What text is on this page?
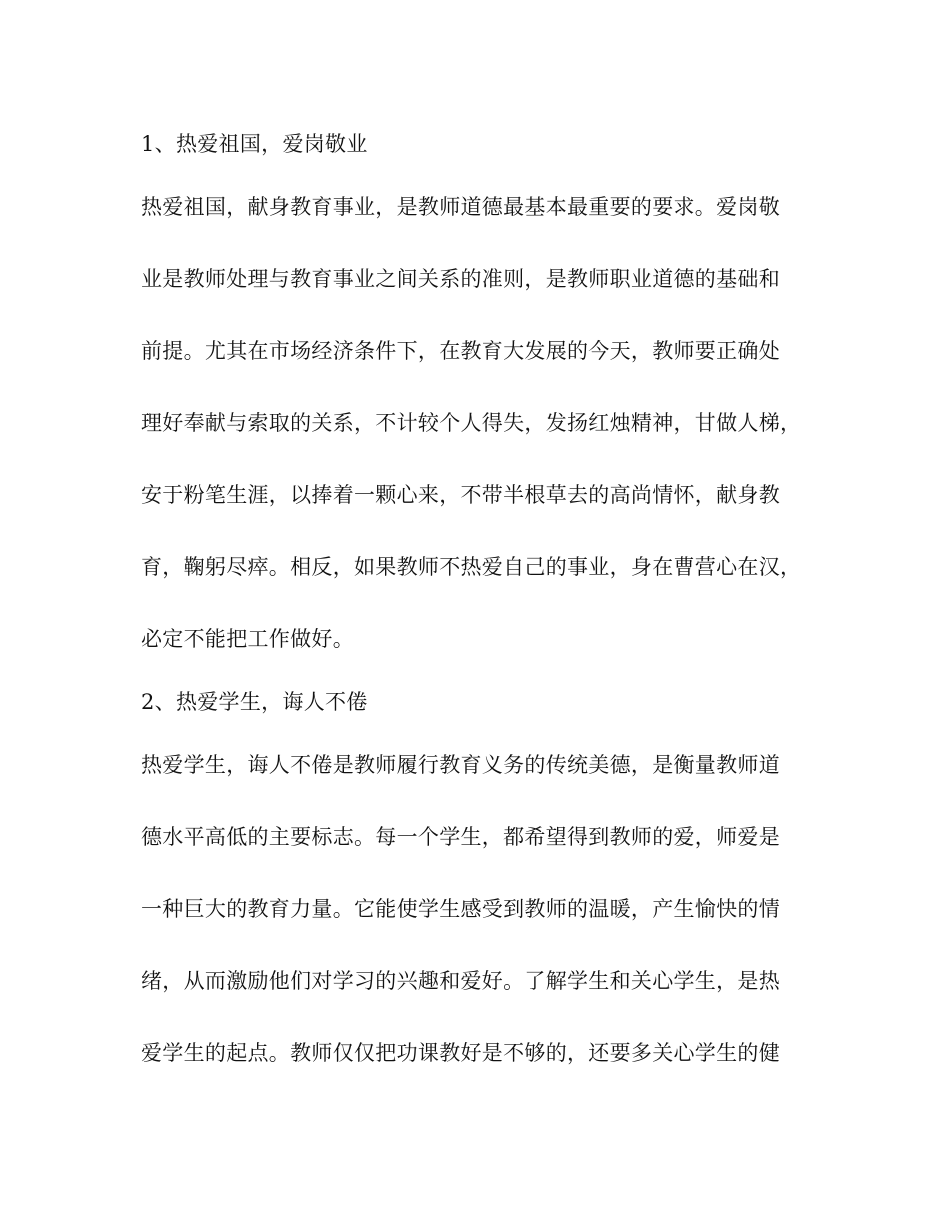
1、热爱祖国，爱岗敬业
热爱祖国，献身教育事业，是教师道德最基本最重要的要求。爱岗敬
业是教师处理与教育事业之间关系的准则，是教师职业道德的基础和
前提。尤其在市场经济条件下，在教育大发展的今天，教师要正确处
理好奉献与索取的关系，不计较个人得失，发扬红烛精神，甘做人梯，
安于粉笔生涯，以捧着一颗心来，不带半根草去的高尚情怀，献身教
育，鞠躬尽瘁。相反，如果教师不热爱自己的事业，身在曹营心在汉，
必定不能把工作做好。
2、热爱学生，诲人不倦
热爱学生，诲人不倦是教师履行教育义务的传统美德，是衡量教师道
德水平高低的主要标志。每一个学生，都希望得到教师的爱，师爱是
一种巨大的教育力量。它能使学生感受到教师的温暖，产生愉快的情
绪，从而激励他们对学习的兴趣和爱好。了解学生和关心学生，是热
爱学生的起点。教师仅仅把功课教好是不够的，还要多关心学生的健
